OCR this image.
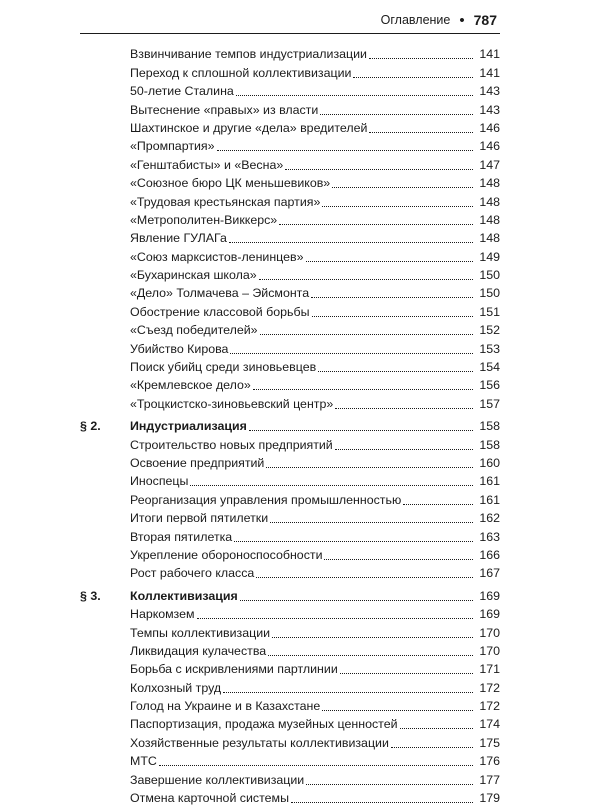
Оглавление • 787
Взвинчивание темпов индустриализации	141
Переход к сплошной коллективизации	141
50-летие Сталина	143
Вытеснение «правых» из власти	143
Шахтинское и другие «дела» вредителей	146
«Промпартия»	146
«Генштабисты» и «Весна»	147
«Союзное бюро ЦК меньшевиков»	148
«Трудовая крестьянская партия»	148
«Метрополитен-Виккерс»	148
Явление ГУЛАГа	148
«Союз марксистов-ленинцев»	149
«Бухаринская школа»	150
«Дело» Толмачева – Эйсмонта	150
Обострение классовой борьбы	151
«Съезд победителей»	152
Убийство Кирова	153
Поиск убийц среди зиновьевцев	154
«Кремлевское дело»	156
«Троцкистско-зиновьевский центр»	157
§ 2.	Индустриализация	158
Строительство новых предприятий	158
Освоение предприятий	160
Иноспецы	161
Реорганизация управления промышленностью	161
Итоги первой пятилетки	162
Вторая пятилетка	163
Укрепление обороноспособности	166
Рост рабочего класса	167
§ 3.	Коллективизация	169
Наркомзем	169
Темпы коллективизации	170
Ликвидация кулачества	170
Борьба с искривлениями партлинии	171
Колхозный труд	172
Голод на Украине и в Казахстане	172
Паспортизация, продажа музейных ценностей	174
Хозяйственные результаты коллективизации	175
МТС	176
Завершение коллективизации	177
Отмена карточной системы	179
